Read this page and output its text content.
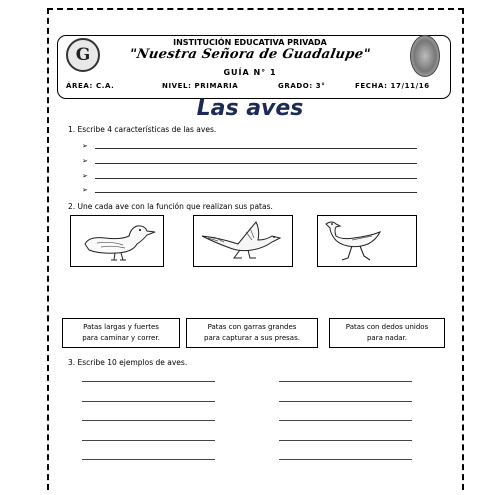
G
INSTITUCIÓN EDUCATIVA PRIVADA
"Nuestra Señora de Guadalupe"
GUÍA N° 1
ÁREA: C.A.	NIVEL: PRIMARIA	GRADO: 3°	FECHA: 17/11/16
Las aves
1. Escribe 4 características de las aves.
➢
➢
➢
➢
2. Une cada ave con la función que realizan sus patas.
Patas largas y fuertes
para caminar y correr.
Patas con garras grandes
para capturar a sus presas.
Patas con dedos unidos
para nadar.
3. Escribe 10 ejemplos de aves.
